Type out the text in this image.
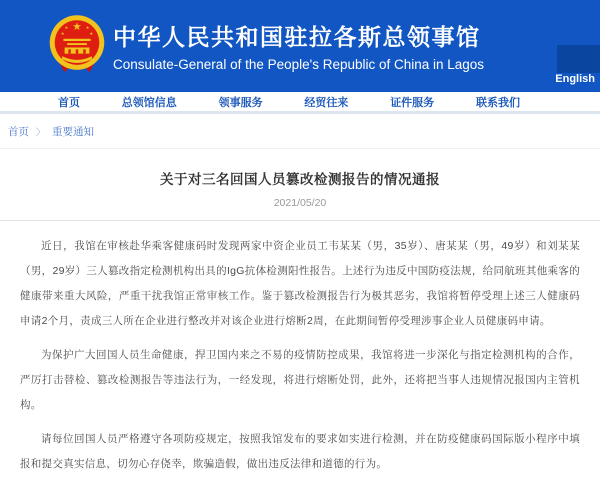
★
★ ★
★	★ 中华人民共和国驻拉各斯总领事馆
Consulate-General of the People's Republic of China in Lagos
English
首页	总领馆信息	领事服务	经贸往来	证件服务	联系我们
首页 〉 重要通知
关于对三名回国人员篡改检测报告的情况通报
2021/05/20

近日，我馆在审核赴华乘客健康码时发现两家中资企业员工韦某某（男，35岁）、唐某某（男，49岁）和刘某某（男，29岁）三人篡改指定检测机构出具的IgG抗体检测阳性报告。上述行为违反中国防疫法规，给同航班其他乘客的健康带来重大风险，严重干扰我馆正常审核工作。鉴于篡改检测报告行为极其恶劣，我馆将暂停受理上述三人健康码申请2个月，责成三人所在企业进行整改并对该企业进行熔断2周，在此期间暂停受理涉事企业人员健康码申请。

为保护广大回国人员生命健康，捍卫国内来之不易的疫情防控成果，我馆将进一步深化与指定检测机构的合作，严厉打击替检、篡改检测报告等违法行为，一经发现，将进行熔断处罚，此外，还将把当事人违规情况报国内主管机构。

请每位回国人员严格遵守各项防疫规定，按照我馆发布的要求如实进行检测，并在防疫健康码国际版小程序中填报和提交真实信息，切勿心存侥幸，欺骗造假，做出违反法律和道德的行为。
